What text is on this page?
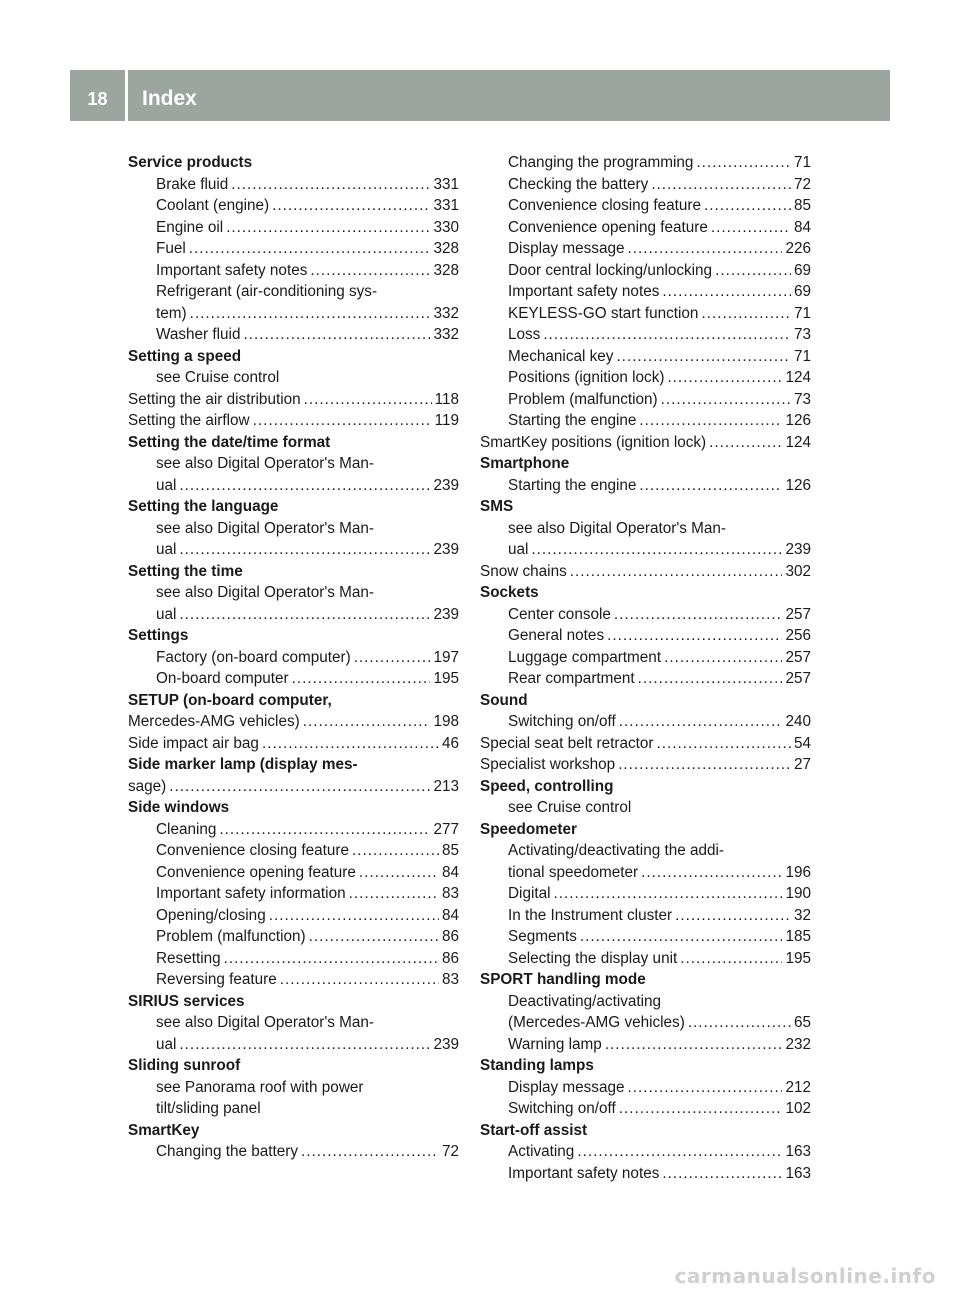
18	Index
Service products
Brake fluid .....	331
Coolant (engine) .....	331
Engine oil .....	330
Fuel .....	328
Important safety notes .....	328
Refrigerant (air-conditioning sys-
tem) .....	332
Washer fluid .....	332
Setting a speed
see Cruise control
Setting the air distribution .....	118
Setting the airflow .....	119
Setting the date/time format
see also Digital Operator's Man-
ual .....	239
Setting the language
see also Digital Operator's Man-
ual .....	239
Setting the time
see also Digital Operator's Man-
ual .....	239
Settings
Factory (on-board computer) .....	197
On-board computer .....	195
SETUP (on-board computer,
Mercedes-AMG vehicles) .....	198
Side impact air bag .....	46
Side marker lamp (display mes-
sage) .....	213
Side windows
Cleaning .....	277
Convenience closing feature .....	85
Convenience opening feature .....	84
Important safety information .....	83
Opening/closing .....	84
Problem (malfunction) .....	86
Resetting .....	86
Reversing feature .....	83
SIRIUS services
see also Digital Operator's Man-
ual .....	239
Sliding sunroof
see Panorama roof with power
tilt/sliding panel
SmartKey
Changing the battery .....	72
Changing the programming .....	71
Checking the battery .....	72
Convenience closing feature .....	85
Convenience opening feature .....	84
Display message .....	226
Door central locking/unlocking .....	69
Important safety notes .....	69
KEYLESS-GO start function .....	71
Loss .....	73
Mechanical key .....	71
Positions (ignition lock) .....	124
Problem (malfunction) .....	73
Starting the engine .....	126
SmartKey positions (ignition lock) .....	124
Smartphone
Starting the engine .....	126
SMS
see also Digital Operator's Man-
ual .....	239
Snow chains .....	302
Sockets
Center console .....	257
General notes .....	256
Luggage compartment .....	257
Rear compartment .....	257
Sound
Switching on/off .....	240
Special seat belt retractor .....	54
Specialist workshop .....	27
Speed, controlling
see Cruise control
Speedometer
Activating/deactivating the addi-
tional speedometer .....	196
Digital .....	190
In the Instrument cluster .....	32
Segments .....	185
Selecting the display unit .....	195
SPORT handling mode
Deactivating/activating
(Mercedes-AMG vehicles) .....	65
Warning lamp .....	232
Standing lamps
Display message .....	212
Switching on/off .....	102
Start-off assist
Activating .....	163
Important safety notes .....	163
carmanualsonline.info
